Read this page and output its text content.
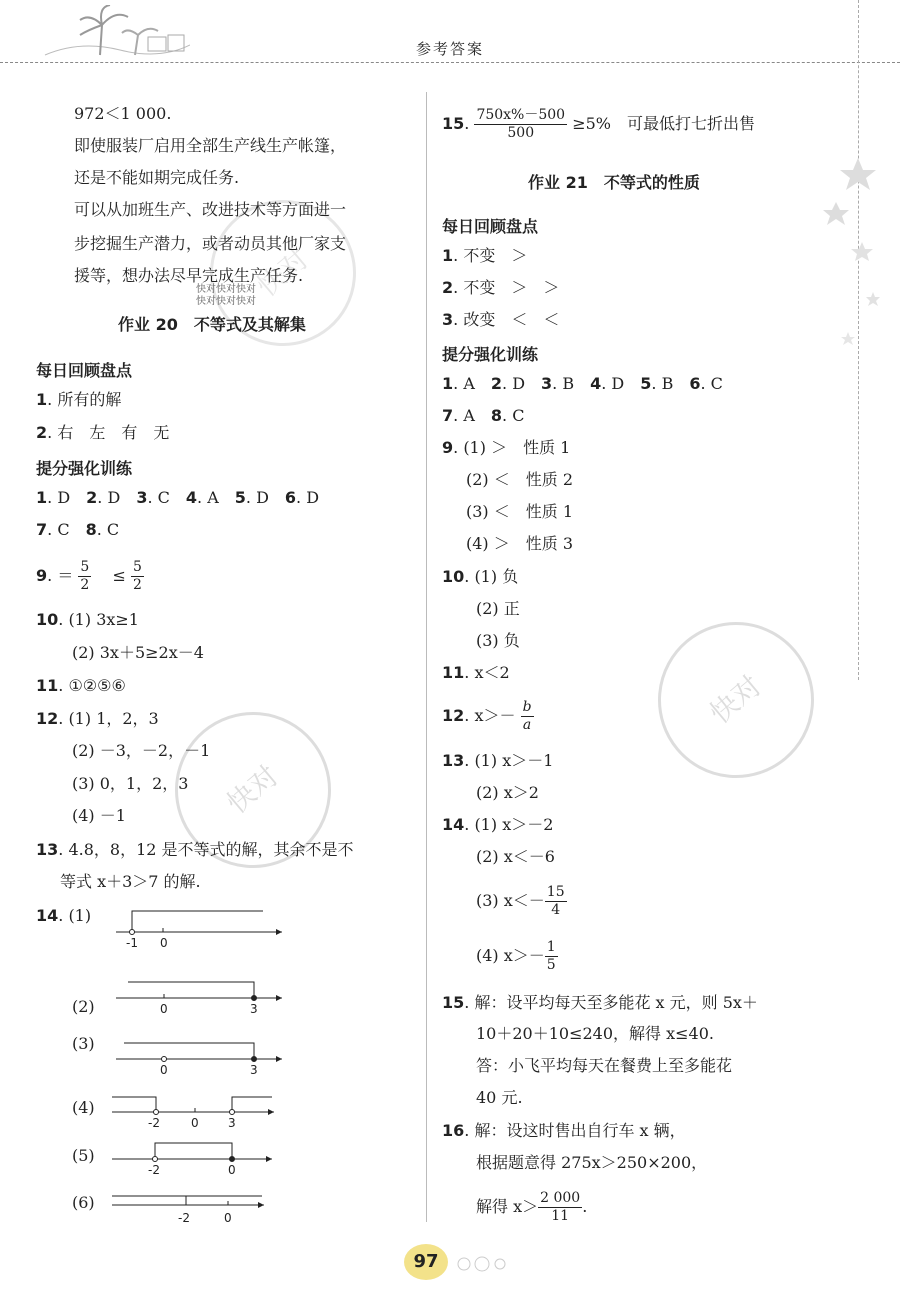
参考答案
快对
快对
快对
快对快对快对
快对快对快对
972＜1 000.
即使服装厂启用全部生产线生产帐篷，
还是不能如期完成任务.
可以从加班生产、改进技术等方面进一
步挖掘生产潜力，或者动员其他厂家支
援等，想办法尽早完成生产任务.
作业 20　不等式及其解集
每日回顾盘点
1. 所有的解
2. 右　左　有　无
提分强化训练
1. D　2. D　3. C　4. A　5. D　6. D
7. C　8. C
9. ＝ $\frac{5}{2}$ 　≤ $\frac{5}{2}$
10. (1) 3x≥1
(2) 3x＋5≥2x－4
11. ①②⑤⑥
12. (1) 1，2，3
(2) －3，－2，－1
(3) 0，1，2，3
(4) －1
13. 4.8，8，12 是不等式的解，其余不是不
等式 x＋3＞7 的解.
14. (1)
(2)
(3)
(4)
(5)
(6)
-1 0
0	3
0	3
-2	0 3
-2	0
-2	0
15. $\frac{750x\%-500}{500} \ge 5\%$　可最低打七折出售
作业 21　不等式的性质
每日回顾盘点
1. 不变　＞
2. 不变　＞　＞
3. 改变　＜　＜
提分强化训练
1. A　2. D　3. B　4. D　5. B　6. C
7. A　8. C
9. (1) ＞　性质 1
(2) ＜　性质 2
(3) ＜　性质 1
(4) ＞　性质 3
10. (1) 负
(2) 正
(3) 负
11. x＜2
12. $x>- \frac{b}{a}$
13. (1) x＞－1
(2) x＞2
14. (1) x＞－2
(2) x＜－6
(3) $x<- \frac{15}{4}$
(4) $x>- \frac{1}{5}$
15. 解：设平均每天至多能花 x 元，则 5x＋
10＋20＋10≤240，解得 x≤40.
答：小飞平均每天在餐费上至多能花
40 元.
16. 解：设这时售出自行车 x 辆，
根据题意得 275x＞250×200，
解得 $x> \frac{2 000}{11}$ .
97
